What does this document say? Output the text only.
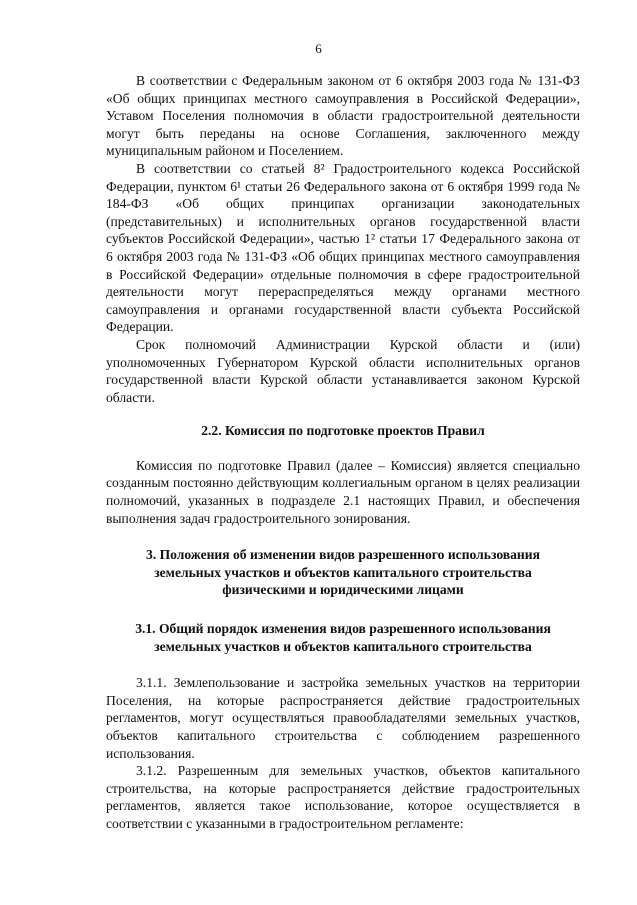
6

В соответствии с Федеральным законом от 6 октября 2003 года № 131-ФЗ «Об общих принципах местного самоуправления в Российской Федерации», Уставом Поселения полномочия в области градостроительной деятельности могут быть переданы на основе Соглашения, заключенного между муниципальным районом и Поселением.

В соответствии со статьей 8² Градостроительного кодекса Российской Федерации, пунктом 6¹ статьи 26 Федерального закона от 6 октября 1999 года № 184-ФЗ «Об общих принципах организации законодательных (представительных) и исполнительных органов государственной власти субъектов Российской Федерации», частью 1² статьи 17 Федерального закона от 6 октября 2003 года № 131-ФЗ «Об общих принципах местного самоуправления в Российской Федерации» отдельные полномочия в сфере градостроительной деятельности могут перераспределяться между органами местного самоуправления и органами государственной власти субъекта Российской Федерации.

Срок полномочий Администрации Курской области и (или) уполномоченных Губернатором Курской области исполнительных органов государственной власти Курской области устанавливается законом Курской области.

2.2. Комиссия по подготовке проектов Правил

Комиссия по подготовке Правил (далее – Комиссия) является специально созданным постоянно действующим коллегиальным органом в целях реализации полномочий, указанных в подразделе 2.1 настоящих Правил, и обеспечения выполнения задач градостроительного зонирования.

3. Положения об изменении видов разрешенного использования
земельных участков и объектов капитального строительства
физическими и юридическими лицами

3.1. Общий порядок изменения видов разрешенного использования
земельных участков и объектов капитального строительства

3.1.1. Землепользование и застройка земельных участков на территории Поселения, на которые распространяется действие градостроительных регламентов, могут осуществляться правообладателями земельных участков, объектов капитального строительства с соблюдением разрешенного использования.

3.1.2. Разрешенным для земельных участков, объектов капитального строительства, на которые распространяется действие градостроительных регламентов, является такое использование, которое осуществляется в соответствии с указанными в градостроительном регламенте:
